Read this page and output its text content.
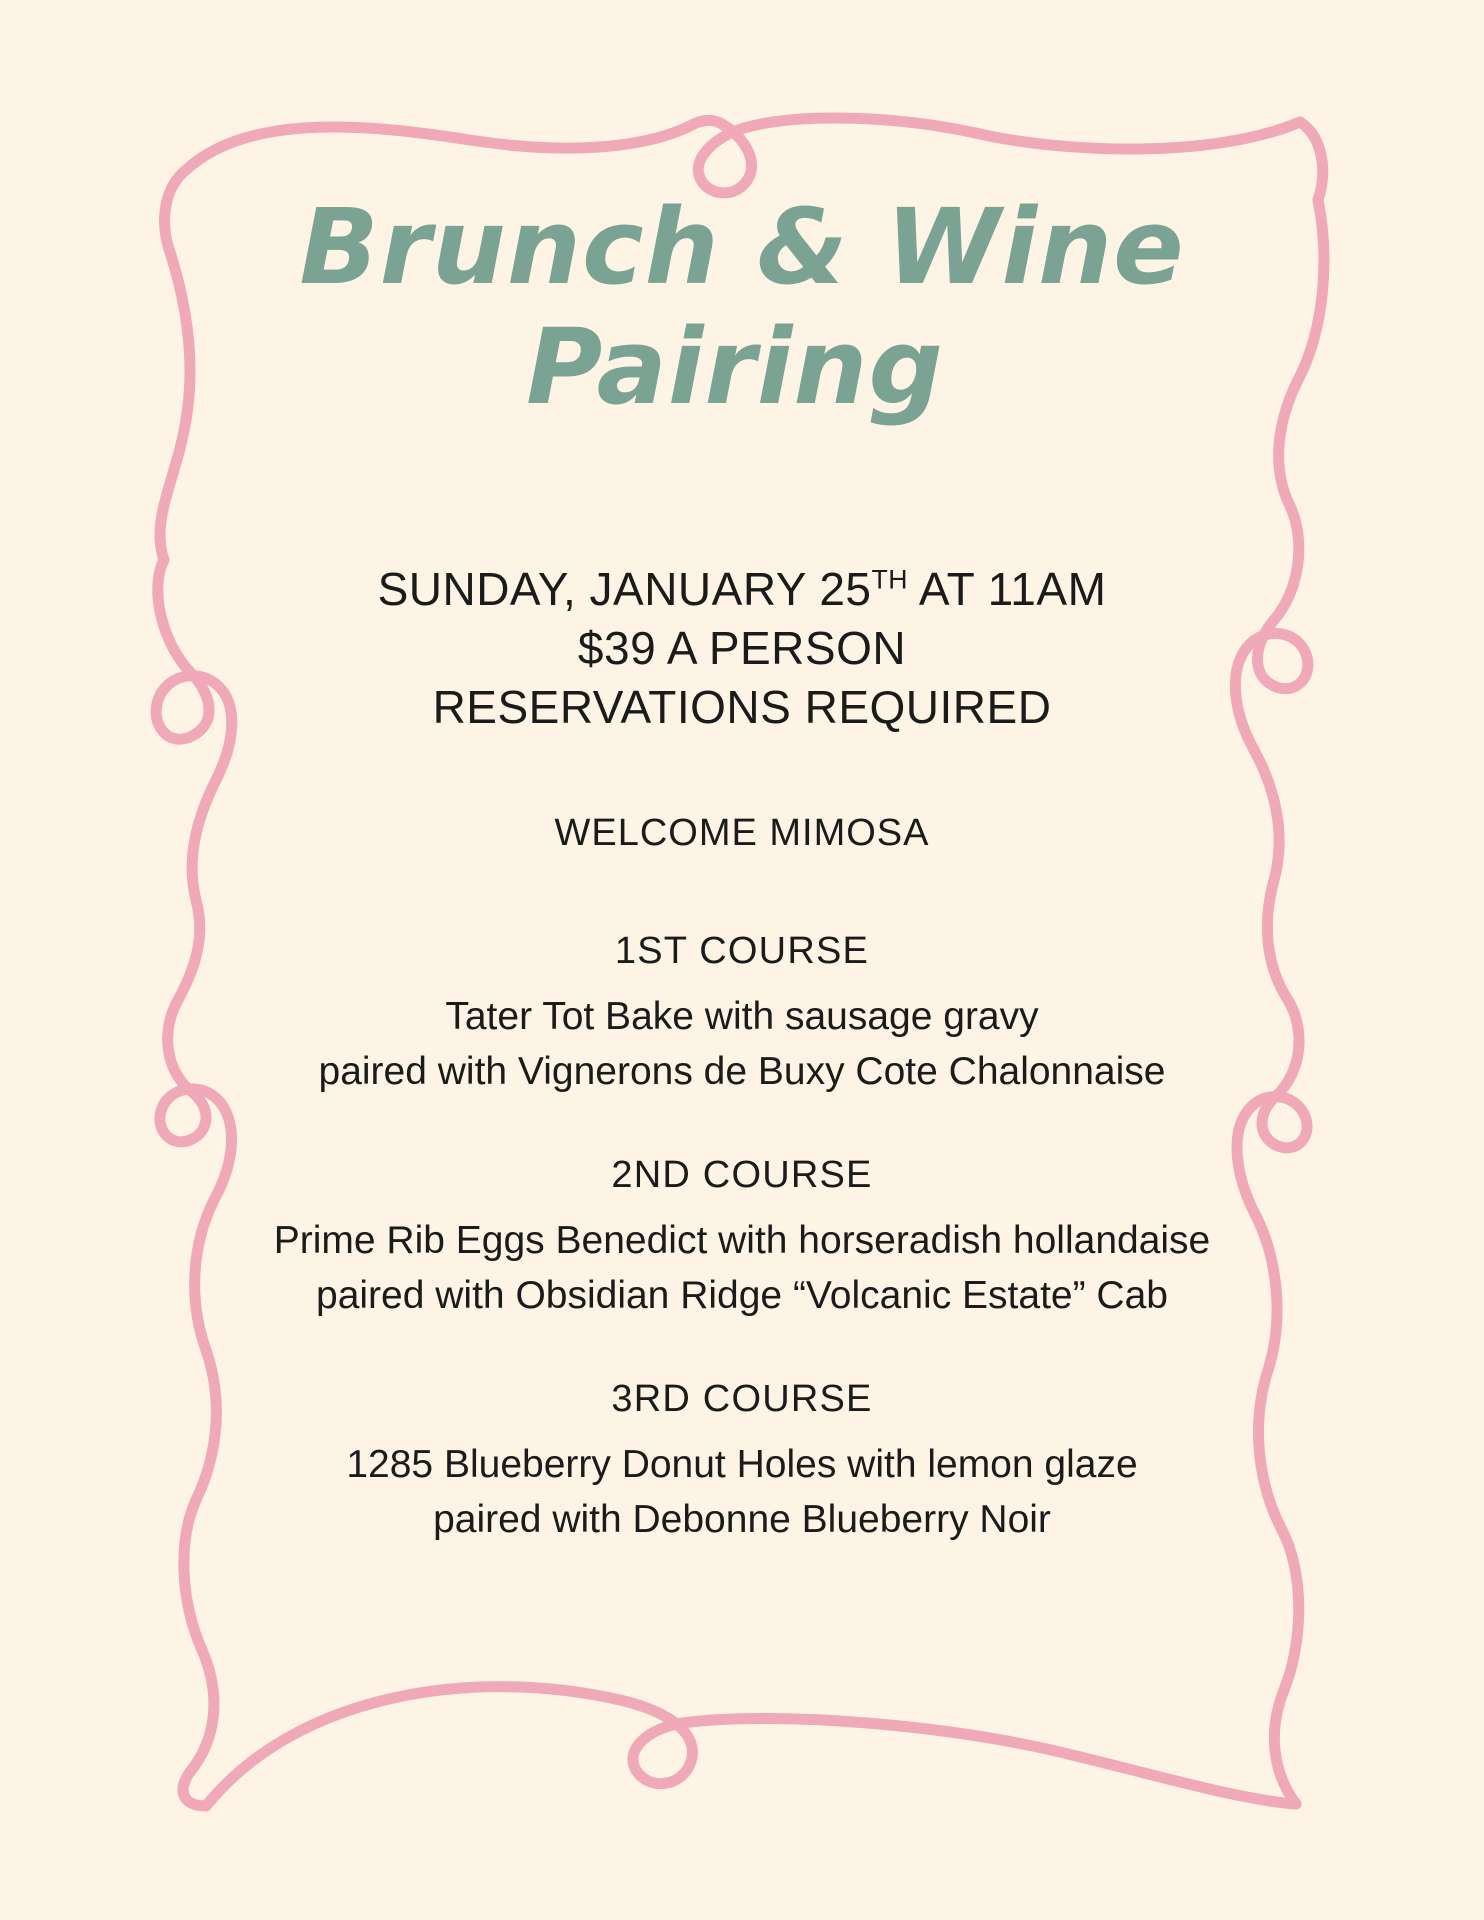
Brunch & Wine
Pairing
SUNDAY, JANUARY 25TH AT 11AM
$39 A PERSON
RESERVATIONS REQUIRED
WELCOME MIMOSA
1ST COURSE
Tater Tot Bake with sausage gravy
paired with Vignerons de Buxy Cote Chalonnaise
2ND COURSE
Prime Rib Eggs Benedict with horseradish hollandaise
paired with Obsidian Ridge “Volcanic Estate” Cab
3RD COURSE
1285 Blueberry Donut Holes with lemon glaze
paired with Debonne Blueberry Noir
